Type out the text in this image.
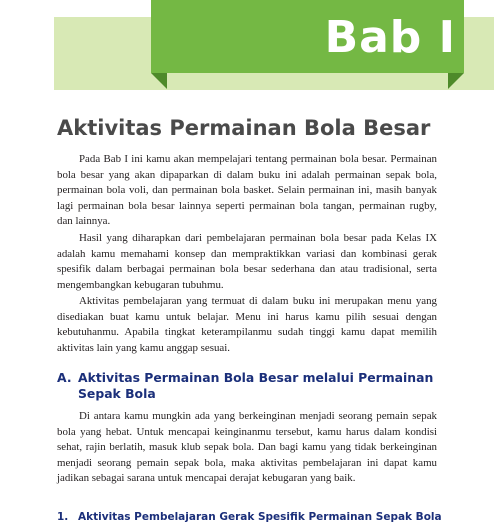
Bab I
Aktivitas Permainan Bola Besar

Pada Bab I ini kamu akan mempelajari tentang permainan bola besar. Permainan bola besar yang akan dipaparkan di dalam buku ini adalah permainan sepak bola, permainan bola voli, dan permainan bola basket. Selain permainan ini, masih banyak lagi permainan bola besar lainnya seperti permainan bola tangan, permainan rugby, dan lainnya.

Hasil yang diharapkan dari pembelajaran permainan bola besar pada Kelas IX adalah kamu memahami konsep dan mempraktikkan variasi dan kombinasi gerak spesifik dalam berbagai permainan bola besar sederhana dan atau tradisional, serta mengembangkan kebugaran tubuhmu.

Aktivitas pembelajaran yang termuat di dalam buku ini merupakan menu yang disediakan buat kamu untuk belajar. Menu ini harus kamu pilih sesuai dengan kebutuhanmu. Apabila tingkat keterampilanmu sudah tinggi kamu dapat memilih aktivitas lain yang kamu anggap sesuai.

A. Aktivitas Permainan Bola Besar melalui Permainan Sepak Bola

Di antara kamu mungkin ada yang berkeinginan menjadi seorang pemain sepak bola yang hebat. Untuk mencapai keinginanmu tersebut, kamu harus dalam kondisi sehat, rajin berlatih, masuk klub sepak bola. Dan bagi kamu yang tidak berkeinginan menjadi seorang pemain sepak bola, maka aktivitas pembelajaran ini dapat kamu jadikan sebagai sarana untuk mencapai derajat kebugaran yang baik.

1. Aktivitas Pembelajaran Gerak Spesifik Permainan Sepak Bola
